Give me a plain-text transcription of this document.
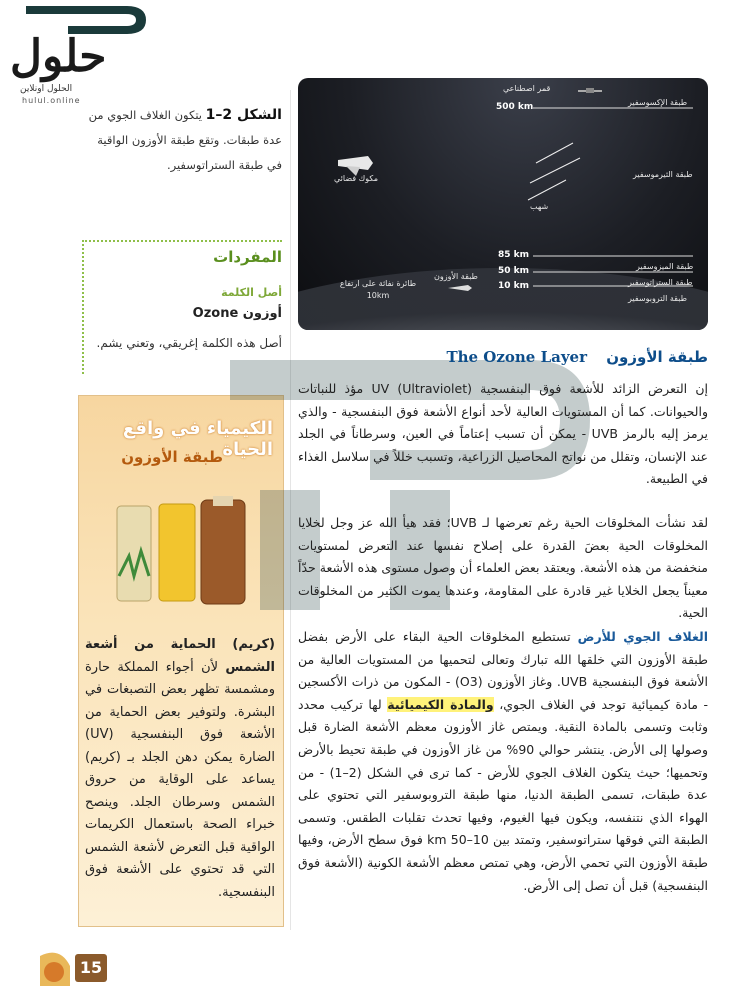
حلول
الحلول اونلاين
hulul.online
الشكل 2–1 يتكون الغلاف الجوي من عدة طبقات. وتقع طبقة الأوزون الواقية في طبقة الستراتوسفير.
المفردات
أصل الكلمة
أوزون Ozone
أصل هذه الكلمة إغريقي، وتعني يشم.
الكيمياء في واقع الحياة
طبقة الأوزون
(كريم) الحماية من أشعة الشمس لأن أجواء المملكة حارة ومشمسة تظهر بعض التصبغات في البشرة. ولتوفير بعض الحماية من الأشعة فوق البنفسجية (UV) الضارة يمكن دهن الجلد بـ (كريم) يساعد على الوقاية من حروق الشمس وسرطان الجلد. وينصح خبراء الصحة باستعمال الكريمات الواقية قبل التعرض لأشعة الشمس التي قد تحتوي على الأشعة فوق البنفسجية.
قمر اصطناعي
طبقة الإكسوسفير
500 km
مكوك فضائي	طبقة الثيرموسفير
شهب
85 km
طبقة الميزوسفير
50 km
طبقة الأوزون
طبقة الستراتوسفير
10 km
طبقة التروبوسفير
طائرة نفاثة على ارتفاع 10km
طبقة الأوزون The Ozone Layer
إن التعرض الزائد للأشعة فوق البنفسجية UV (Ultraviolet) مؤذ للنباتات والحيوانات. كما أن المستويات العالية لأحد أنواع الأشعة فوق البنفسجية - والذي يرمز إليه بالرمز UVB - يمكن أن تسبب إعتاماً في العين، وسرطاناً في الجلد عند الإنسان، وتقلل من نواتج المحاصيل الزراعية، وتسبب خللاً في سلاسل الغذاء في الطبيعة.
لقد نشأت المخلوقات الحية رغم تعرضها لـ UVB؛ فقد هيأ الله عز وجل لخلايا المخلوقات الحية بعضَ القدرة على إصلاح نفسها عند التعرض لمستويات منخفضة من هذه الأشعة. ويعتقد بعض العلماء أن وصول مستوى هذه الأشعة حدّاً معيناً يجعل الخلايا غير قادرة على المقاومة، وعندها يموت الكثير من المخلوقات الحية.
الغلاف الجوي للأرض تستطيع المخلوقات الحية البقاء على الأرض بفضل طبقة الأوزون التي خلقها الله تبارك وتعالى لتحميها من المستويات العالية من الأشعة فوق البنفسجية UVB. وغاز الأوزون (O3) - المكون من ذرات الأكسجين - مادة كيميائية توجد في الغلاف الجوي، والمادة الكيميائية لها تركيب محدد وثابت وتسمى بالمادة النقية. ويمتص غاز الأوزون معظم الأشعة الضارة قبل وصولها إلى الأرض. ينتشر حوالي 90% من غاز الأوزون في طبقة تحيط بالأرض وتحميها؛ حيث يتكون الغلاف الجوي للأرض - كما ترى في الشكل (2–1) - من عدة طبقات، تسمى الطبقة الدنيا، منها طبقة التروبوسفير التي تحتوي على الهواء الذي نتنفسه، ويكون فيها الغيوم، وفيها تحدث تقلبات الطقس. وتسمى الطبقة التي فوقها ستراتوسفير، وتمتد بين 10–50 km فوق سطح الأرض، وفيها طبقة الأوزون التي تحمي الأرض، وهي تمتص معظم الأشعة الكونية (الأشعة فوق البنفسجية) قبل أن تصل إلى الأرض.
15
